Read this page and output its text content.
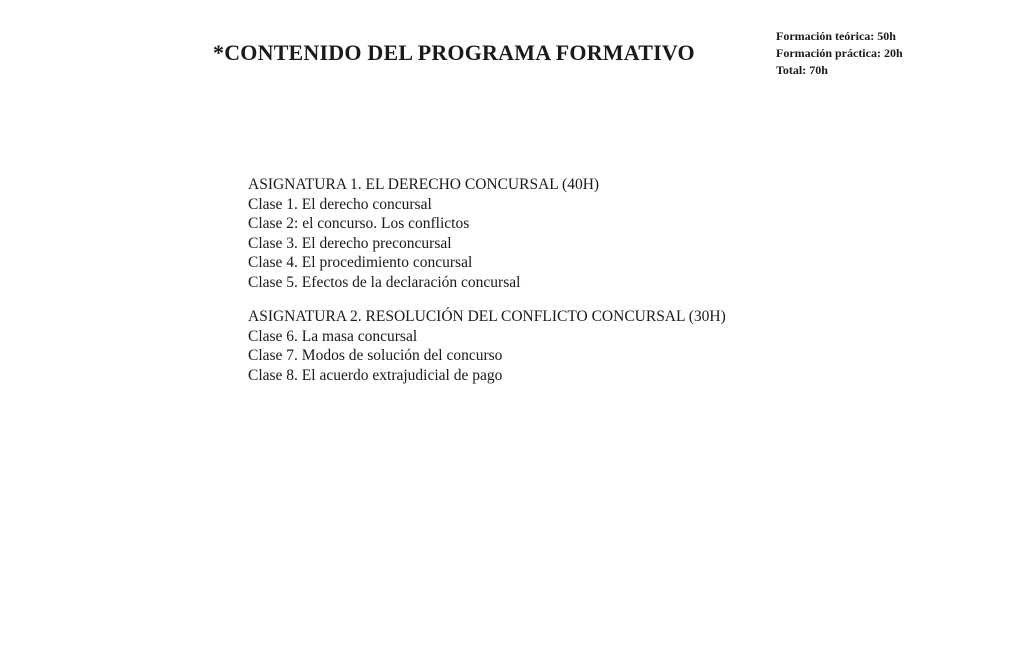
*CONTENIDO DEL PROGRAMA FORMATIVO
Formación teórica: 50h
Formación práctica: 20h
Total: 70h
ASIGNATURA 1. EL DERECHO CONCURSAL (40H)
Clase 1. El derecho concursal
Clase 2: el concurso. Los conflictos
Clase 3. El derecho preconcursal
Clase 4. El procedimiento concursal
Clase 5. Efectos de la declaración concursal
ASIGNATURA 2. RESOLUCIÓN DEL CONFLICTO CONCURSAL (30H)
Clase 6. La masa concursal
Clase 7. Modos de solución del concurso
Clase 8. El acuerdo extrajudicial de pago
